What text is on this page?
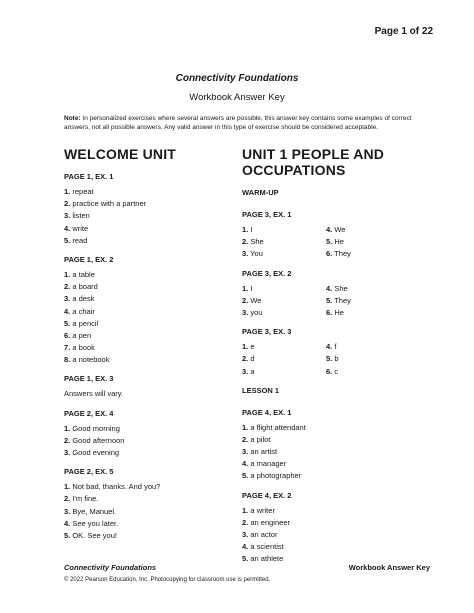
Page 1 of 22
Connectivity Foundations
Workbook Answer Key
Note: In personalized exercises where several answers are possible, this answer key contains some examples of correct answers, not all possible answers. Any valid answer in this type of exercise should be considered acceptable.
WELCOME UNIT
PAGE 1, EX. 1
1. repeat
2. practice with a partner
3. listen
4. write
5. read
PAGE 1, EX. 2
1. a table
2. a board
3. a desk
4. a chair
5. a pencil
6. a pen
7. a book
8. a notebook
PAGE 1, EX. 3
Answers will vary.
PAGE 2, EX. 4
1. Good morning
2. Good afternoon
3. Good evening
PAGE 2, EX. 5
1. Not bad, thanks. And you?
2. I'm fine.
3. Bye, Manuel.
4. See you later.
5. OK. See you!
UNIT 1 PEOPLE AND
OCCUPATIONS
WARM-UP
PAGE 3, EX. 1
1. I	4. We
2. She	5. He
3. You	6. They
PAGE 3, EX. 2
1. I	4. She
2. We	5. They
3. you	6. He
PAGE 3, EX. 3
1. e	4. f
2. d	5. b
3. a	6. c
LESSON 1
PAGE 4, EX. 1
1. a flight attendant
2. a pilot
3. an artist
4. a manager
5. a photographer
PAGE 4, EX. 2
1. a writer
2. an engineer
3. an actor
4. a scientist
5. an athlete
Connectivity Foundations	Workbook Answer Key
© 2022 Pearson Education, Inc. Photocopying for classroom use is permitted.
